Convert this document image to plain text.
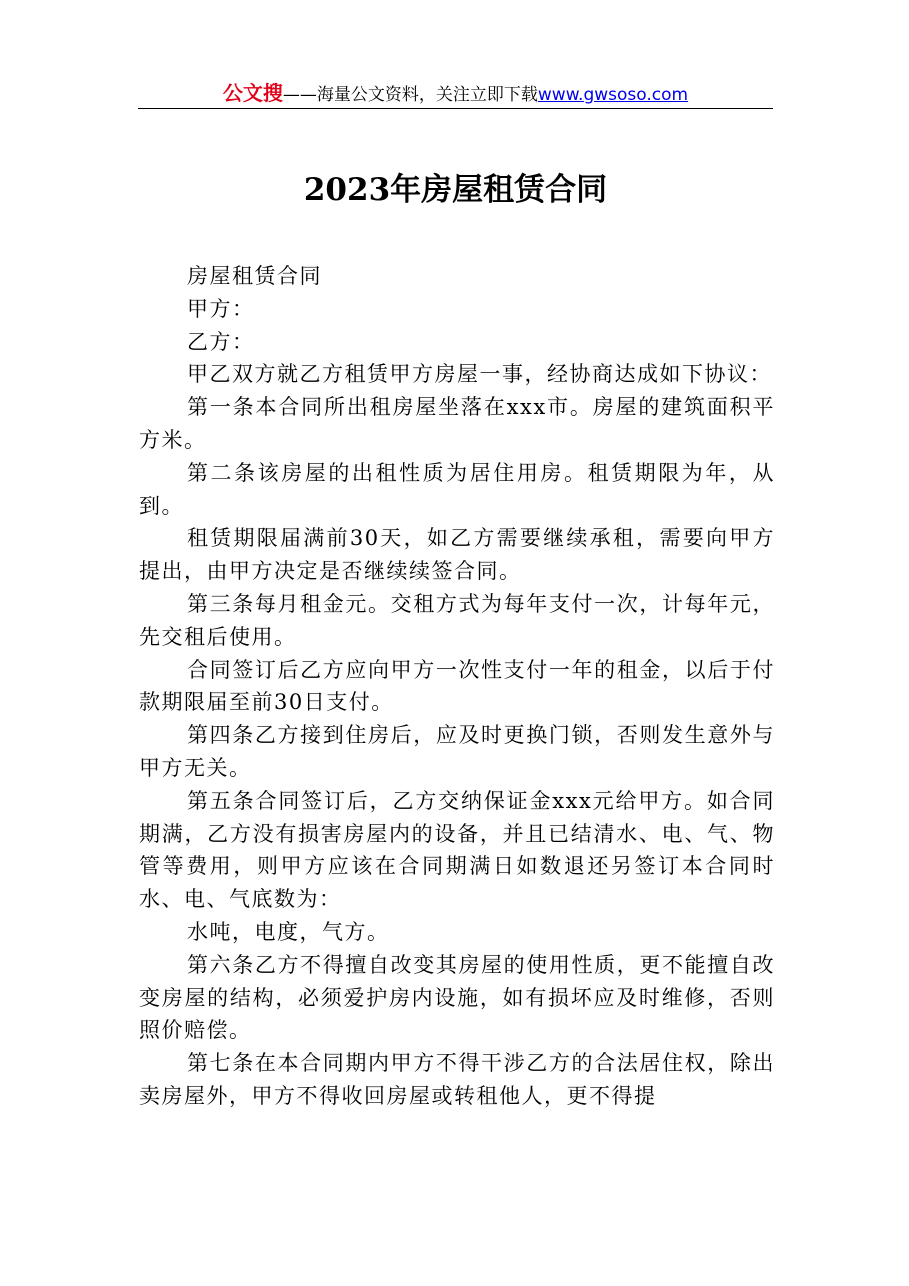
公文搜——海量公文资料，关注立即下载www.gwsoso.com
2023年房屋租赁合同

房屋租赁合同

甲方：

乙方：

甲乙双方就乙方租赁甲方房屋一事，经协商达成如下协议：

第一条本合同所出租房屋坐落在xxx市。房屋的建筑面积平方米。

第二条该房屋的出租性质为居住用房。租赁期限为年，从到。

租赁期限届满前30天，如乙方需要继续承租，需要向甲方提出，由甲方决定是否继续续签合同。

第三条每月租金元。交租方式为每年支付一次，计每年元，先交租后使用。

合同签订后乙方应向甲方一次性支付一年的租金，以后于付款期限届至前30日支付。

第四条乙方接到住房后，应及时更换门锁，否则发生意外与甲方无关。

第五条合同签订后，乙方交纳保证金xxx元给甲方。如合同期满，乙方没有损害房屋内的设备，并且已结清水、电、气、物管等费用，则甲方应该在合同期满日如数退还另签订本合同时水、电、气底数为：

水吨，电度，气方。

第六条乙方不得擅自改变其房屋的使用性质，更不能擅自改变房屋的结构，必须爱护房内设施，如有损坏应及时维修，否则照价赔偿。

第七条在本合同期内甲方不得干涉乙方的合法居住权，除出卖房屋外，甲方不得收回房屋或转租他人，更不得提
